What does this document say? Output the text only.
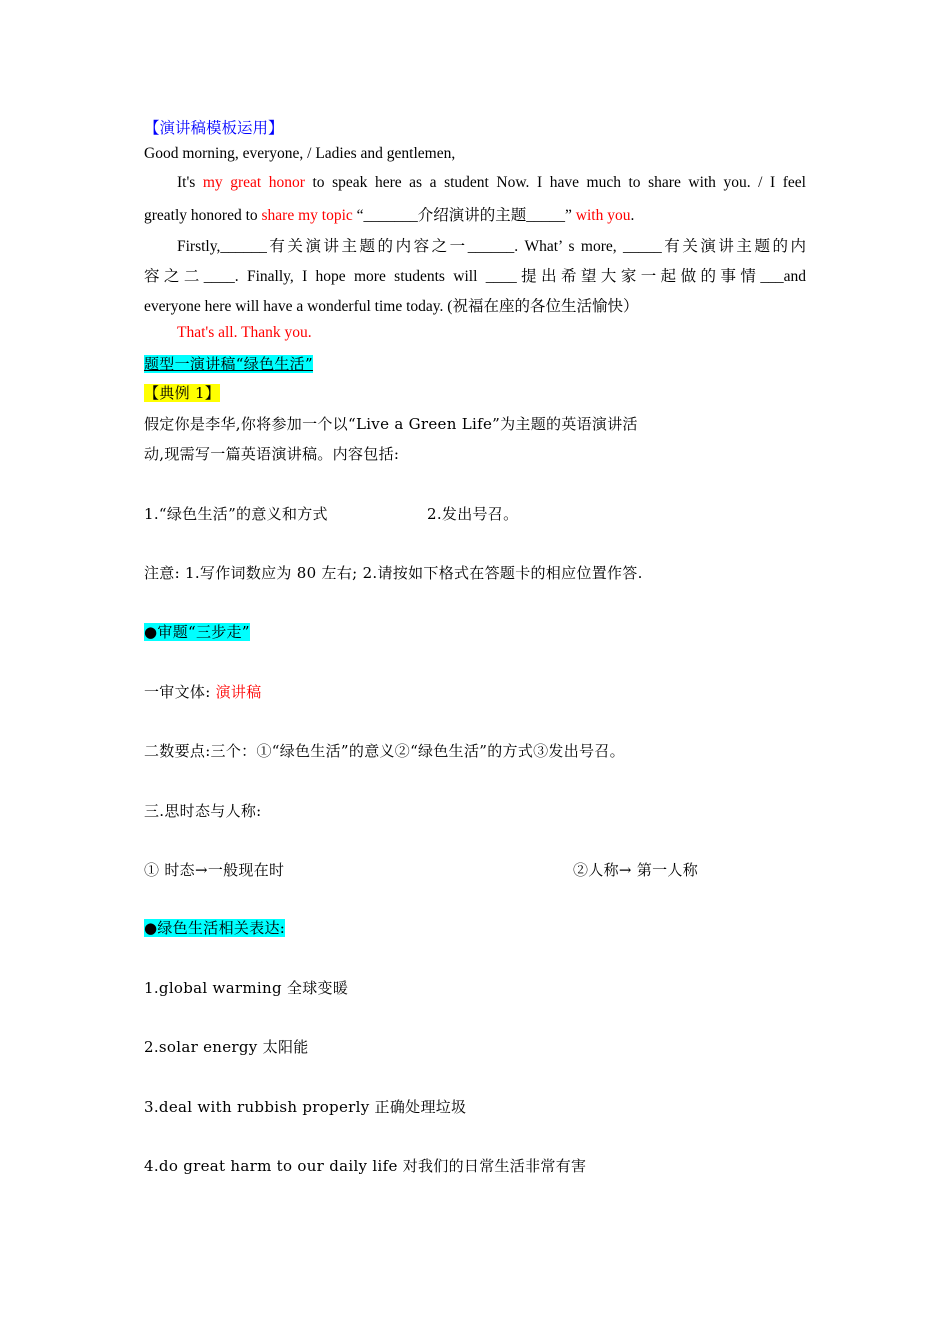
【演讲稿模板运用】
Good morning, everyone, / Ladies and gentlemen,
It's my great honor to speak here as a student Now. I have much to share with you. / I feel
greatly honored to share my topic “_______介绍演讲的主题_____” with you.
Firstly,______有关演讲主题的内容之一______. What’ s more, _____有关演讲主题的内
容之二____. Finally, I hope more students will ____提出希望大家一起做的事情___and
everyone here will have a wonderful time today. (祝福在座的各位生活愉快）
That's all. Thank you.
题型一演讲稿“绿色生活”
【典例 1】
假定你是李华,你将参加一个以“Live a Green Life”为主题的英语演讲活
动,现需写一篇英语演讲稿。内容包括:
1.“绿色生活”的意义和方式	2.发出号召。
注意: 1.写作词数应为 80 左右; 2.请按如下格式在答题卡的相应位置作答.
●审题“三步走”
一审文体: 演讲稿
二数要点:三个：①“绿色生活”的意义②“绿色生活”的方式③发出号召。
三.思时态与人称:
① 时态→一般现在时	②人称→ 第一人称
●绿色生活相关表达:
1.global warming 全球变暖
2.solar energy 太阳能
3.deal with rubbish properly 正确处理垃圾
4.do great harm to our daily life 对我们的日常生活非常有害
